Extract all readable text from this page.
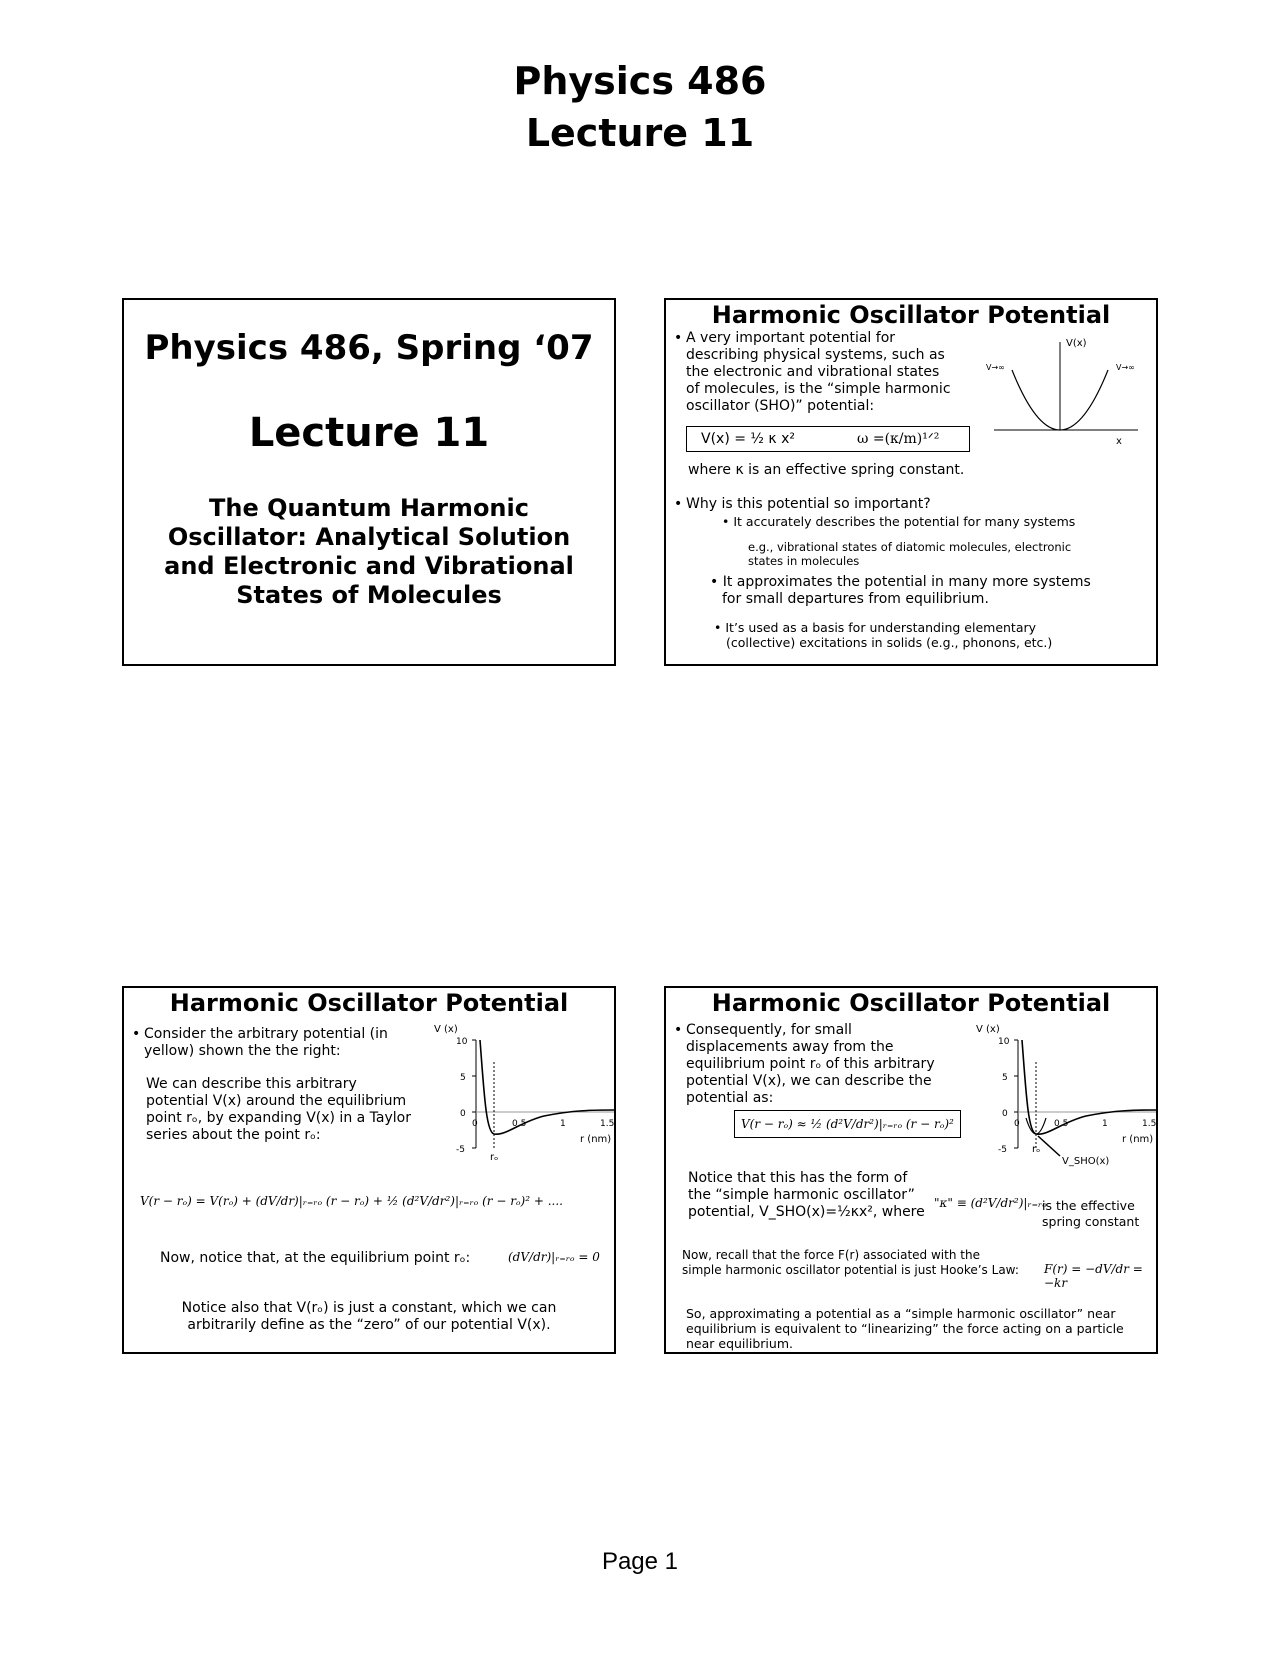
Physics 486
Lecture 11
Physics 486, Spring ‘07
Lecture 11
The Quantum Harmonic
Oscillator: Analytical Solution
and Electronic and Vibrational
States of Molecules
Harmonic Oscillator Potential
• A very important potential for
describing physical systems, such as
the electronic and vibrational states
of molecules, is the “simple harmonic
oscillator (SHO)” potential:
V(x) = ½ κ x²	ω =(κ/m)¹ᐟ²
where κ is an effective spring constant.
• Why is this potential so important?
• It accurately describes the potential for many systems
e.g., vibrational states of diatomic molecules, electronic
states in molecules
• It approximates the potential in many more systems
for small departures from equilibrium.
• It’s used as a basis for understanding elementary
(collective) excitations in solids (e.g., phonons, etc.)
V(x)
x
V→∞	V→∞
Harmonic Oscillator Potential
• Consider the arbitrary potential (in
yellow) shown the the right:
We can describe this arbitrary
potential V(x) around the equilibrium
point rₒ, by expanding V(x) in a Taylor
series about the point rₒ:
V(r − rₒ) = V(rₒ) + (dV/dr)|ᵣ₌ᵣₒ (r − rₒ) + ½ (d²V/dr²)|ᵣ₌ᵣₒ (r − rₒ)² + ....
Now, notice that, at the equilibrium point rₒ:	(dV/dr)|ᵣ₌ᵣₒ = 0
Notice also that V(rₒ) is just a constant, which we can
arbitrarily define as the “zero” of our potential V(x).
V (x)
10
5
0
-5
0	0.5	1	1.5
r (nm)
rₒ
Harmonic Oscillator Potential
• Consequently, for small
displacements away from the
equilibrium point rₒ of this arbitrary
potential V(x), we can describe the
potential as:
V(r − rₒ) ≈ ½ (d²V/dr²)|ᵣ₌ᵣₒ (r − rₒ)²
Notice that this has the form of
the “simple harmonic oscillator”
potential, V_SHO(x)=½κx², where
"κ" ≡ (d²V/dr²)|ᵣ₌ᵣₒ
is the effective
spring constant
Now, recall that the force F(r) associated with the
simple harmonic oscillator potential is just Hooke’s Law: F(r) = −dV/dr = −kr
So, approximating a potential as a “simple harmonic oscillator” near
equilibrium is equivalent to “linearizing” the force acting on a particle
near equilibrium.
V (x)
10
5
0
-5
0	0.5	1	1.5
r (nm)
rₒ
V_SHO(x)
Page 1
